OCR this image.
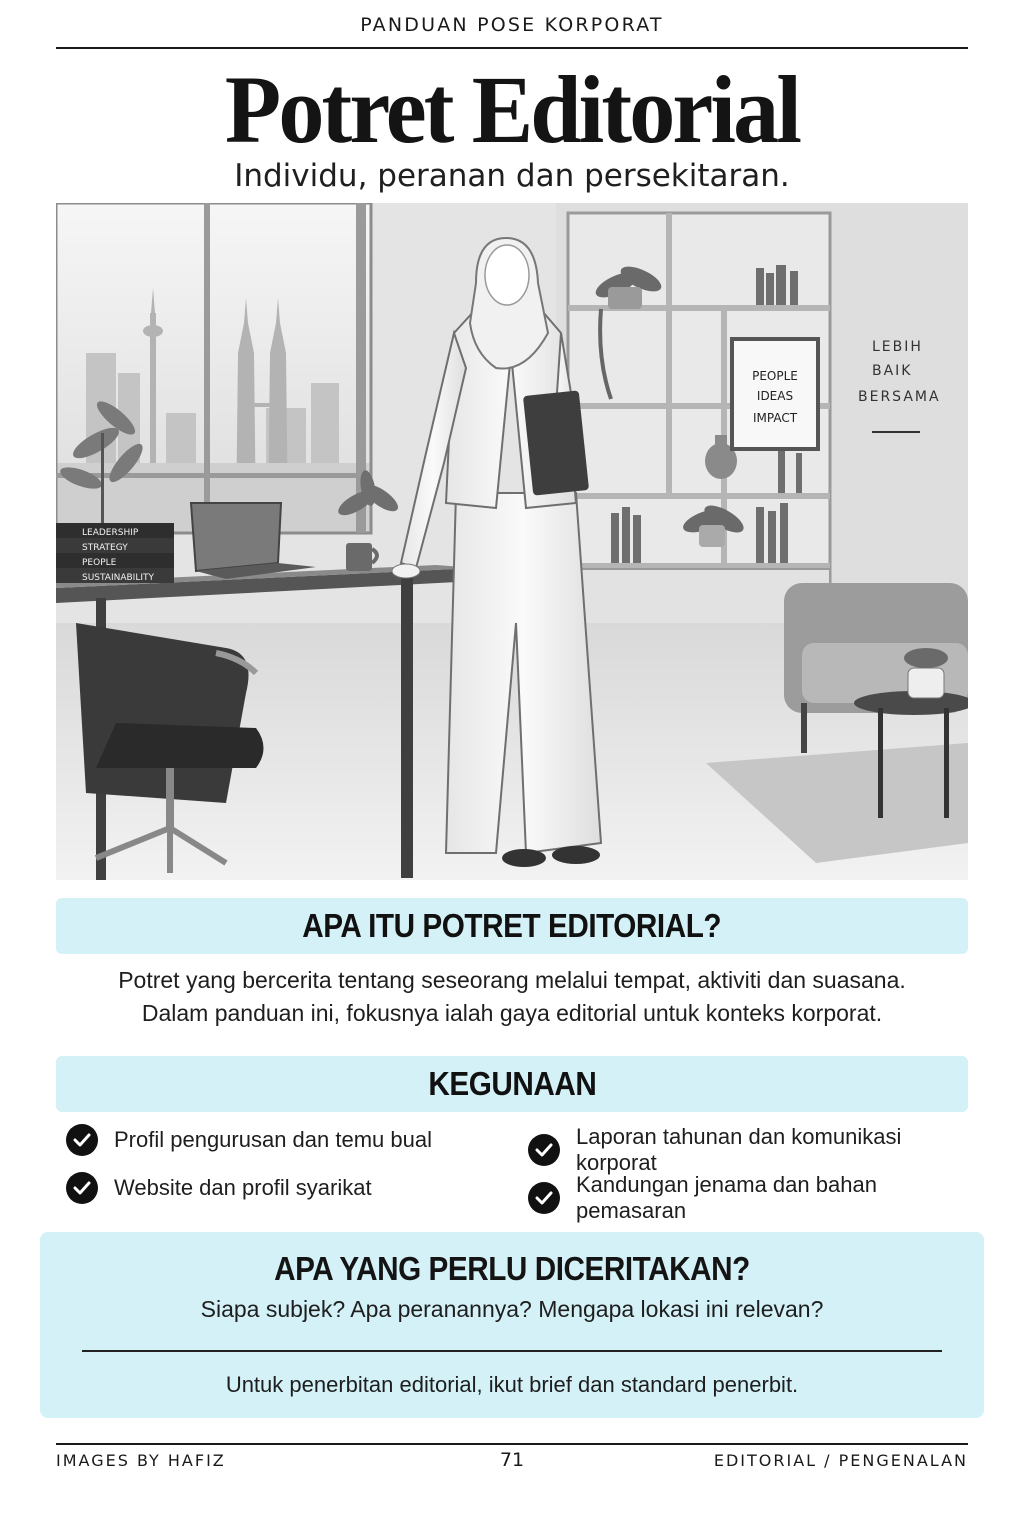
PANDUAN POSE KORPORAT
Potret Editorial
Individu, peranan dan persekitaran.
PEOPLE
IDEAS
IMPACT
LEBIH
BAIK
BERSAMA
LEADERSHIP
STRATEGY
PEOPLE
SUSTAINABILITY
APA ITU POTRET EDITORIAL?
Potret yang bercerita tentang seseorang melalui tempat, aktiviti dan suasana.
Dalam panduan ini, fokusnya ialah gaya editorial untuk konteks korporat.
KEGUNAAN
Profil pengurusan dan temu bual	Laporan tahunan dan komunikasi korporat
Website dan profil syarikat	Kandungan jenama dan bahan pemasaran
APA YANG PERLU DICERITAKAN?
Siapa subjek? Apa peranannya? Mengapa lokasi ini relevan?
Untuk penerbitan editorial, ikut brief dan standard penerbit.
IMAGES BY HAFIZ	71	EDITORIAL / PENGENALAN
